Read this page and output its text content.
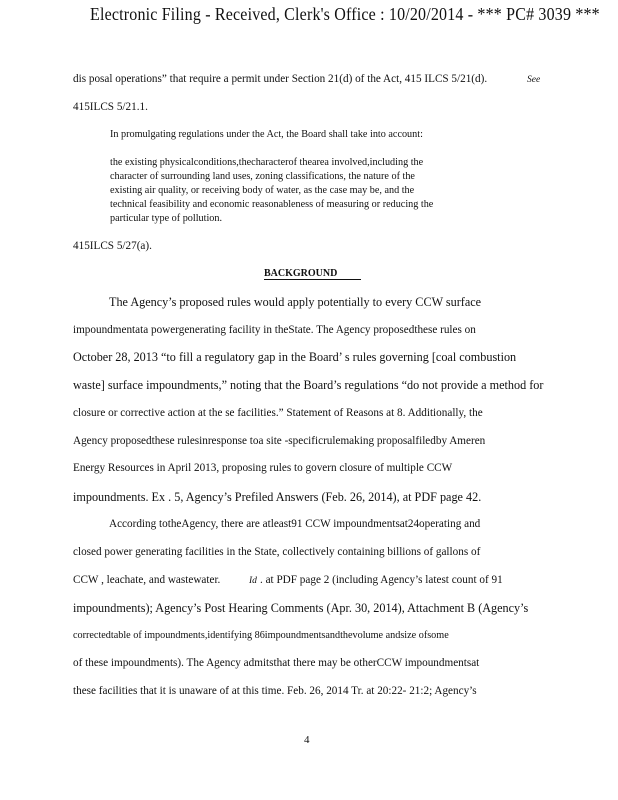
Electronic Filing - Received, Clerk's Office : 10/20/2014 - *** PC# 3039 ***
dis posal operations” that require a permit under Section 21(d) of the Act, 415 ILCS 5/21(d).	See
415ILCS 5/21.1.
In promulgating regulations under the Act, the Board shall take into account:
the existing physicalconditions,thecharacterof thearea involved,including the
character of surrounding land uses, zoning classifications, the nature of the
existing air quality, or receiving body of water, as the case may be, and the
technical feasibility and economic reasonableness of measuring or reducing the
particular type of pollution.
415ILCS 5/27(a).
BACKGROUND
The Agency’s proposed rules would apply potentially to every CCW surface
impoundmentata powergenerating facility in theState. The Agency proposedthese rules on
October 28, 2013 “to fill a regulatory gap in the Board’ s rules governing [coal combustion
waste] surface impoundments,” noting that the Board’s regulations “do not provide a method for
closure or corrective action at the se facilities.” Statement of Reasons at 8. Additionally, the
Agency proposedthese rulesinresponse toa site -specificrulemaking proposalfiledby Ameren
Energy Resources in April 2013, proposing rules to govern closure of multiple CCW
impoundments. Ex . 5, Agency’s Prefiled Answers (Feb. 26, 2014), at PDF page 42.
According totheAgency, there are atleast91 CCW impoundmentsat24operating and
closed power generating facilities in the State, collectively containing billions of gallons of
CCW , leachate, and wastewater.	Id . at PDF page 2 (including Agency’s latest count of 91
impoundments); Agency’s Post Hearing Comments (Apr. 30, 2014), Attachment B (Agency’s
correctedtable of impoundments,identifying 86impoundmentsandthevolume andsize ofsome
of these impoundments). The Agency admitsthat there may be otherCCW impoundmentsat
these facilities that it is unaware of at this time. Feb. 26, 2014 Tr. at 20:22- 21:2; Agency’s
4
